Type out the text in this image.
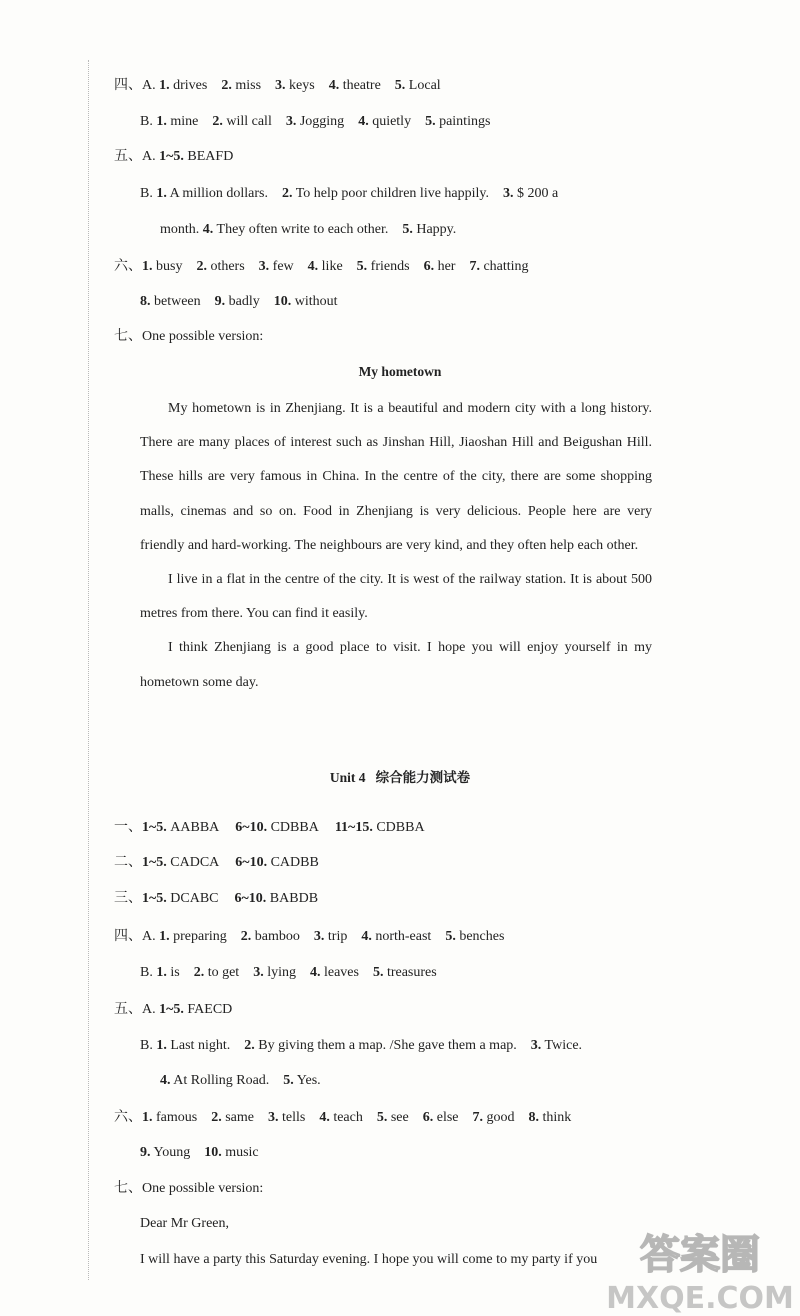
四、A. 1. drives 2. miss 3. keys 4. theatre 5. Local
B. 1. mine 2. will call 3. Jogging 4. quietly 5. paintings
五、A. 1~5. BEAFD
B. 1. A million dollars. 2. To help poor children live happily. 3. $ 200 a
month. 4. They often write to each other. 5. Happy.
六、1. busy 2. others 3. few 4. like 5. friends 6. her 7. chatting
8. between 9. badly 10. without
七、One possible version:
My hometown

My hometown is in Zhenjiang. It is a beautiful and modern city with a long history. There are many places of interest such as Jinshan Hill, Jiaoshan Hill and Beigushan Hill. These hills are very famous in China. In the centre of the city, there are some shopping malls, cinemas and so on. Food in Zhenjiang is very delicious. People here are very friendly and hard-working. The neighbours are very kind, and they often help each other.

I live in a flat in the centre of the city. It is west of the railway station. It is about 500 metres from there. You can find it easily.

I think Zhenjiang is a good place to visit. I hope you will enjoy yourself in my hometown some day.

Unit 4 综合能力测试卷
一、1~5. AABBA 6~10. CDBBA 11~15. CDBBA
二、1~5. CADCA 6~10. CADBB
三、1~5. DCABC 6~10. BABDB
四、A. 1. preparing 2. bamboo 3. trip 4. north-east 5. benches
B. 1. is 2. to get 3. lying 4. leaves 5. treasures
五、A. 1~5. FAECD
B. 1. Last night. 2. By giving them a map. /She gave them a map. 3. Twice.
4. At Rolling Road. 5. Yes.
六、1. famous 2. same 3. tells 4. teach 5. see 6. else 7. good 8. think
9. Young 10. music
七、One possible version:
Dear Mr Green,
I will have a party this Saturday evening. I hope you will come to my party if you 答案圈
MXQE.COM
